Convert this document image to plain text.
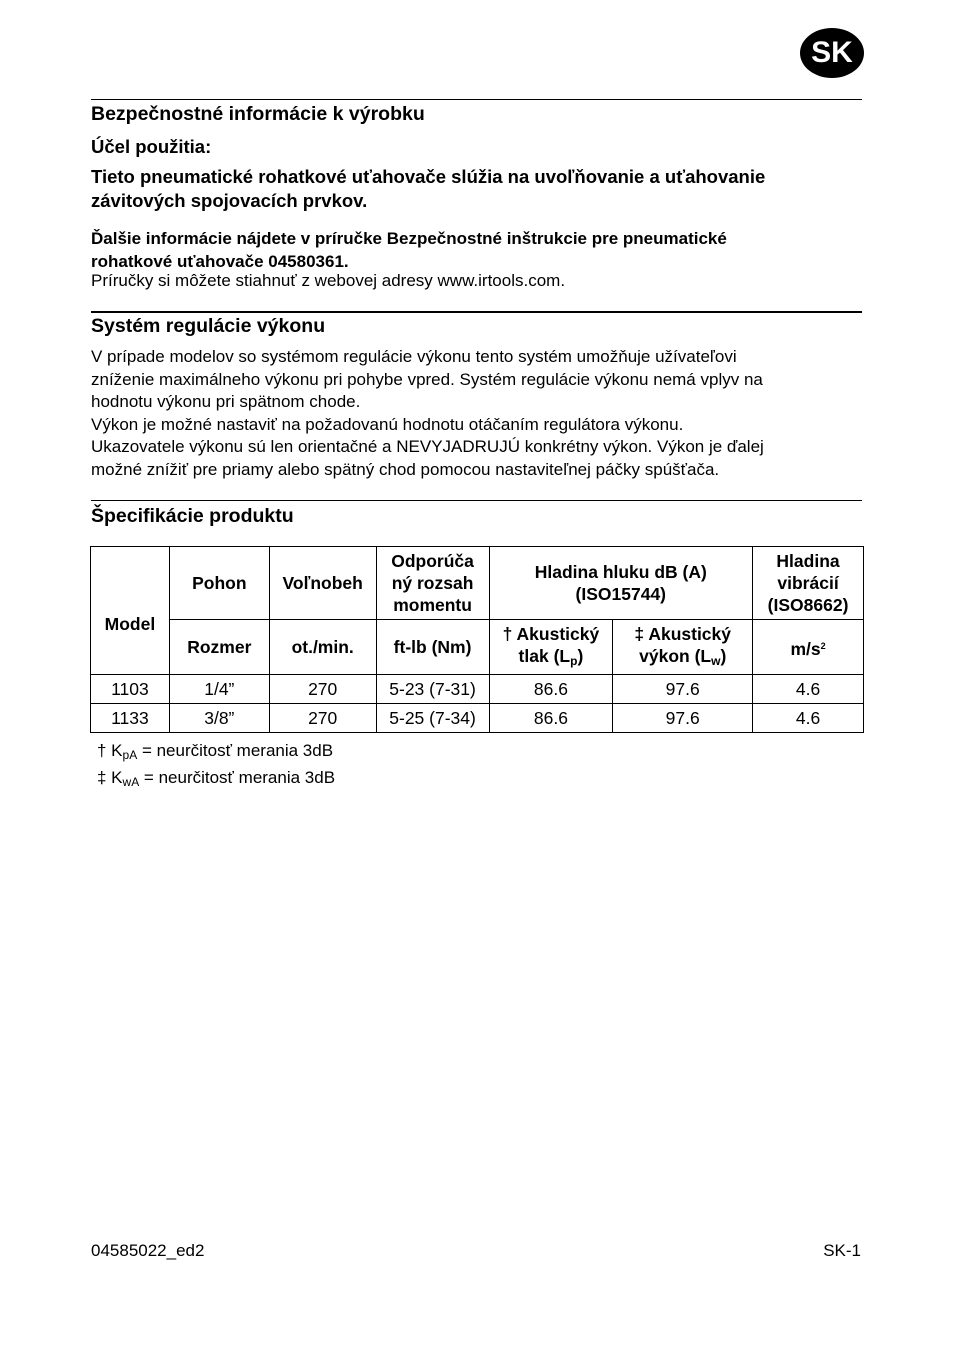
SK

Bezpečnostné informácie k výrobku

Účel použitia:

Tieto pneumatické rohatkové uťahovače slúžia na uvoľňovanie a uťahovanie
závitových spojovacích prvkov.

Ďalšie informácie nájdete v príručke Bezpečnostné inštrukcie pre pneumatické
rohatkové uťahovače 04580361.

Príručky si môžete stiahnuť z webovej adresy www.irtools.com.

Systém regulácie výkonu

V prípade modelov so systémom regulácie výkonu tento systém umožňuje užívateľovi
zníženie maximálneho výkonu pri pohybe vpred. Systém regulácie výkonu nemá vplyv na
hodnotu výkonu pri spätnom chode.
Výkon je možné nastaviť na požadovanú hodnotu otáčaním regulátora výkonu.
Ukazovatele výkonu sú len orientačné a NEVYJADRUJÚ konkrétny výkon. Výkon je ďalej
možné znížiť pre priamy alebo spätný chod pomocou nastaviteľnej páčky spúšťača.

Špecifikácie produktu

Model	Pohon	Voľnobeh	Odporúča
ný rozsah
momentu	Hladina hluku dB (A)
(ISO15744)		Hladina
vibrácií
(ISO8662)

	Rozmer	ot./min.	ft-lb (Nm)	† Akustický
tlak $(L_p)$	‡ Akustický
výkon $(L_w)$	$m/s^2$
1103	1/4”	270	5-23 (7-31)	86.6	97.6	4.6
1133	3/8”	270	5-25 (7-34)	86.6	97.6	4.6
† $K_{pA}$ = neurčitosť merania 3dB
‡ $K_{wA}$ = neurčitosť merania 3dB
04585022_ed2	SK-1
